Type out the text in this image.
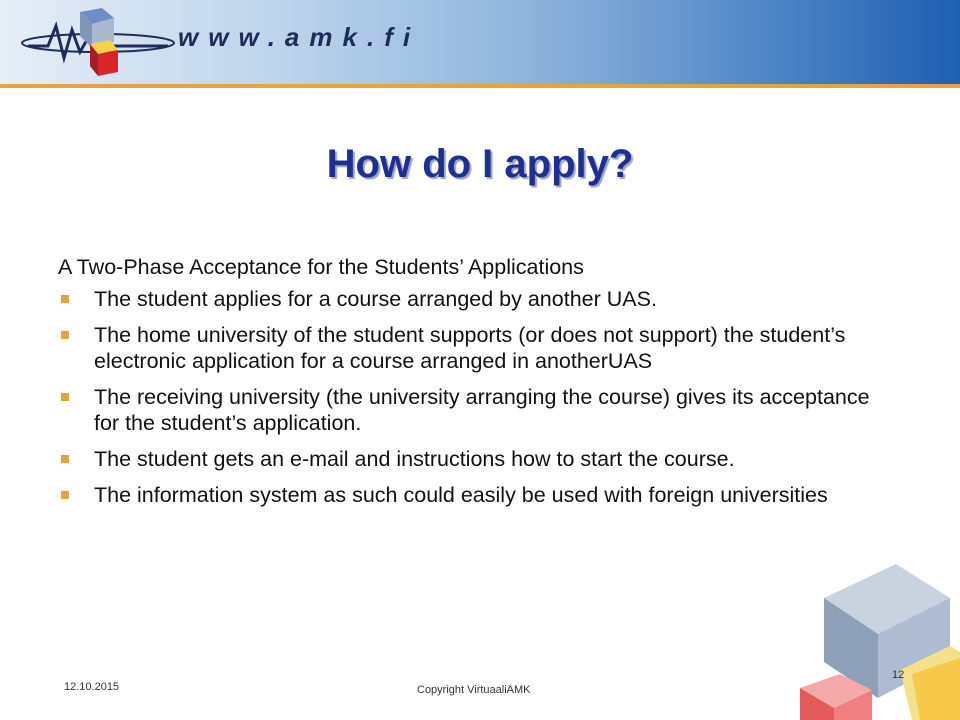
www.amk.fi
How do I apply?

A Two-Phase Acceptance for the Students’ Applications

The student applies for a course arranged by another UAS.
The home university of the student supports (or does not support) the student’s electronic application for a course arranged in anotherUAS
The receiving university (the university arranging the course) gives its acceptance for the student’s application.
The student gets an e-mail and instructions how to start the course.
The information system as such could easily be used with foreign universities
12.10.2015	Copyright VirtuaaliAMK
12
